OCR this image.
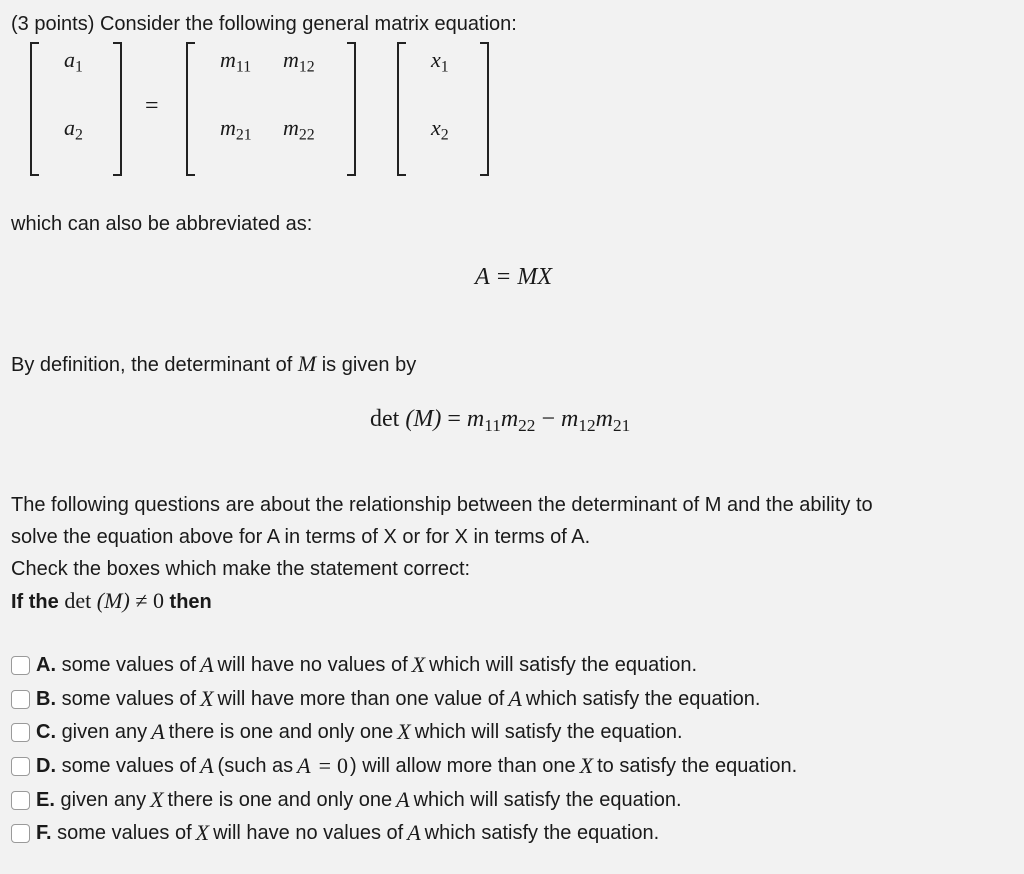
(3 points) Consider the following general matrix equation:
$a_1$
$a_2$
=
$m_{11}$ $m_{12}$
$m_{21}$ $m_{22}$
$x_1$
$x_2$
which can also be abbreviated as:
A = MX
By definition, the determinant of M is given by
$\det (M) = m_{11}m_{22} - m_{12}m_{21}$
The following questions are about the relationship between the determinant of M and the ability to
solve the equation above for A in terms of X or for X in terms of A.
Check the boxes which make the statement correct:
If the det (M) ≠ 0 then
A.
some values of A will have no values of X which will satisfy the equation.
B.
some values of X will have more than one value of A which satisfy the equation.
C.
given any A there is one and only one X which will satisfy the equation.
D.
some values of A (such as A = 0 ) will allow more than one X to satisfy the equation.
E.
given any X there is one and only one A which will satisfy the equation.
F.
some values of X will have no values of A which satisfy the equation.
